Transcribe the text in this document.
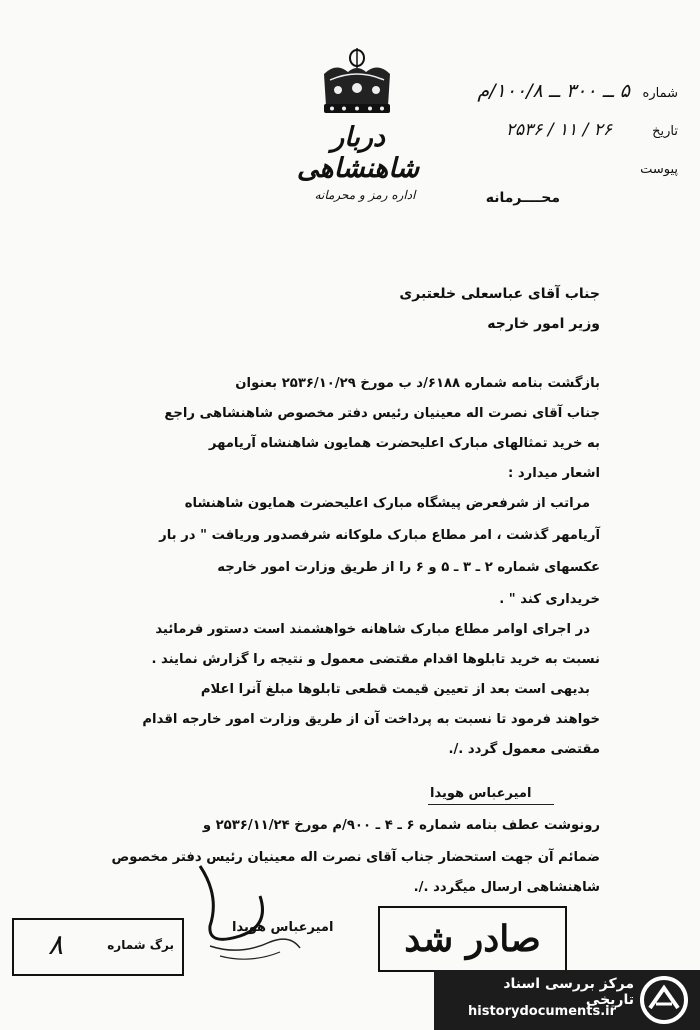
دربار شاهنشاهی
اداره رمز و محرمانه
شماره
۵ ــ ۳۰۰ ــ ۱۰۰/۸/م
تاریخ
۲۶ / ۱۱ / ۲۵۳۶
پیوست
محــــرمانه
جناب آقای عباسعلی خلعتبری
وزیر امور خارجه
بازگشت بنامه شماره ۶۱۸۸/د ب مورخ ۲۵۳۶/۱۰/۲۹ بعنوان
جناب آقای نصرت اله معینیان رئیس دفتر مخصوص شاهنشاهی راجع
به خرید تمثالهای مبارک اعلیحضرت همایون شاهنشاه آریامهر
اشعار میدارد :
مراتب از شرفعرض پیشگاه مبارک اعلیحضرت همایون شاهنشاه
آریامهر گذشت ، امر مطاع مبارک ملوکانه شرفصدور وریافت " در بار
عکسهای شماره ۲ ـ ۳ ـ ۵ و ۶ را از طریق وزارت امور خارجه
خریداری کند " .
در اجرای اوامر مطاع مبارک شاهانه خواهشمند است دستور فرمائید
نسبت به خرید تابلوها اقدام مقتضی معمول و نتیجه را گزارش نمایند .
بدیهی است بعد از تعیین قیمت قطعی تابلوها مبلغ آنرا اعلام
خواهند فرمود تا نسبت به پرداخت آن از طریق وزارت امور خارجه اقدام
مقتضی معمول گردد ./.
امیرعباس هویدا
رونوشت عطف بنامه شماره ۶ ـ ۴ ـ ۹۰۰/م مورخ ۲۵۳۶/۱۱/۲۴ و
ضمائم آن جهت استحضار جناب آقای نصرت اله معینیان رئیس دفتر مخصوص
شاهنشاهی ارسال میگردد ./.
امیرعباس هویدا	صادر شد
برگ شماره
۸
مرکز بررسی اسناد تاریخی
historydocuments.ir
